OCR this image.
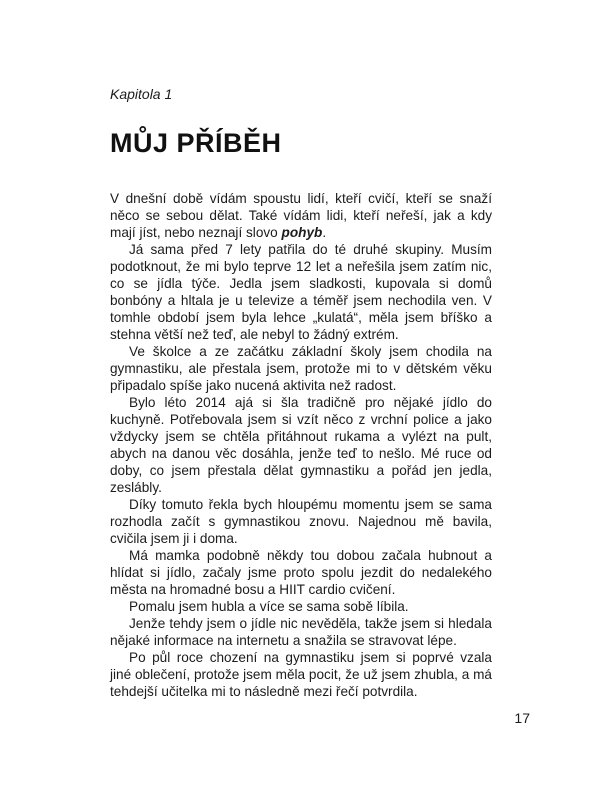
Kapitola 1

MŮJ PŘÍBĚH

V dnešní době vídám spoustu lidí, kteří cvičí, kteří se snaží něco se sebou dělat. Také vídám lidi, kteří neřeší, jak a kdy mají jíst, nebo neznají slovo pohyb.

Já sama před 7 lety patřila do té druhé skupiny. Musím podotknout, že mi bylo teprve 12 let a neřešila jsem zatím nic, co se jídla týče. Jedla jsem sladkosti, kupovala si domů bonbóny a hltala je u televize a téměř jsem nechodila ven. V tomhle období jsem byla lehce „kulatá“, měla jsem bříško a stehna větší než teď, ale nebyl to žádný extrém.

Ve školce a ze začátku základní školy jsem chodila na gymnastiku, ale přestala jsem, protože mi to v dětském věku připadalo spíše jako nucená aktivita než radost.

Bylo léto 2014 ajá si šla tradičně pro nějaké jídlo do kuchyně. Potřebovala jsem si vzít něco z vrchní police a jako vždycky jsem se chtěla přitáhnout rukama a vylézt na pult, abych na danou věc dosáhla, jenže teď to nešlo. Mé ruce od doby, co jsem přestala dělat gymnastiku a pořád jen jedla, zeslábly.

Díky tomuto řekla bych hloupému momentu jsem se sama rozhodla začít s gymnastikou znovu. Najednou mě bavila, cvičila jsem ji i doma.

Má mamka podobně někdy tou dobou začala hubnout a hlídat si jídlo, začaly jsme proto spolu jezdit do nedalekého města na hromadné bosu a HIIT cardio cvičení.

Pomalu jsem hubla a více se sama sobě líbila.

Jenže tehdy jsem o jídle nic nevěděla, takže jsem si hledala nějaké informace na internetu a snažila se stravovat lépe.

Po půl roce chození na gymnastiku jsem si poprvé vzala jiné oblečení, protože jsem měla pocit, že už jsem zhubla, a má tehdejší učitelka mi to následně mezi řečí potvrdila.

17
